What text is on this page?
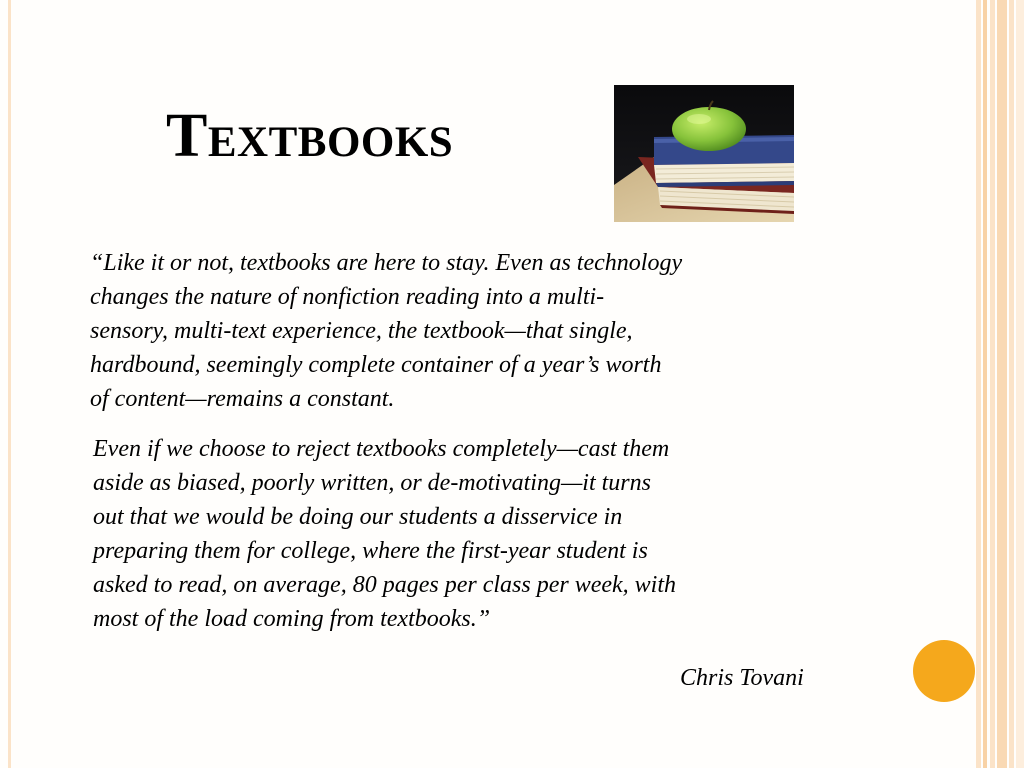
Textbooks

“Like it or not, textbooks are here to stay. Even as technology
changes the nature of nonfiction reading into a multi-
sensory, multi-text experience, the textbook—that single,
hardbound, seemingly complete container of a year’s worth
of content—remains a constant.

Even if we choose to reject textbooks completely—cast them
aside as biased, poorly written, or de-motivating—it turns
out that we would be doing our students a disservice in
preparing them for college, where the first-year student is
asked to read, on average, 80 pages per class per week, with
most of the load coming from textbooks.”

Chris Tovani
